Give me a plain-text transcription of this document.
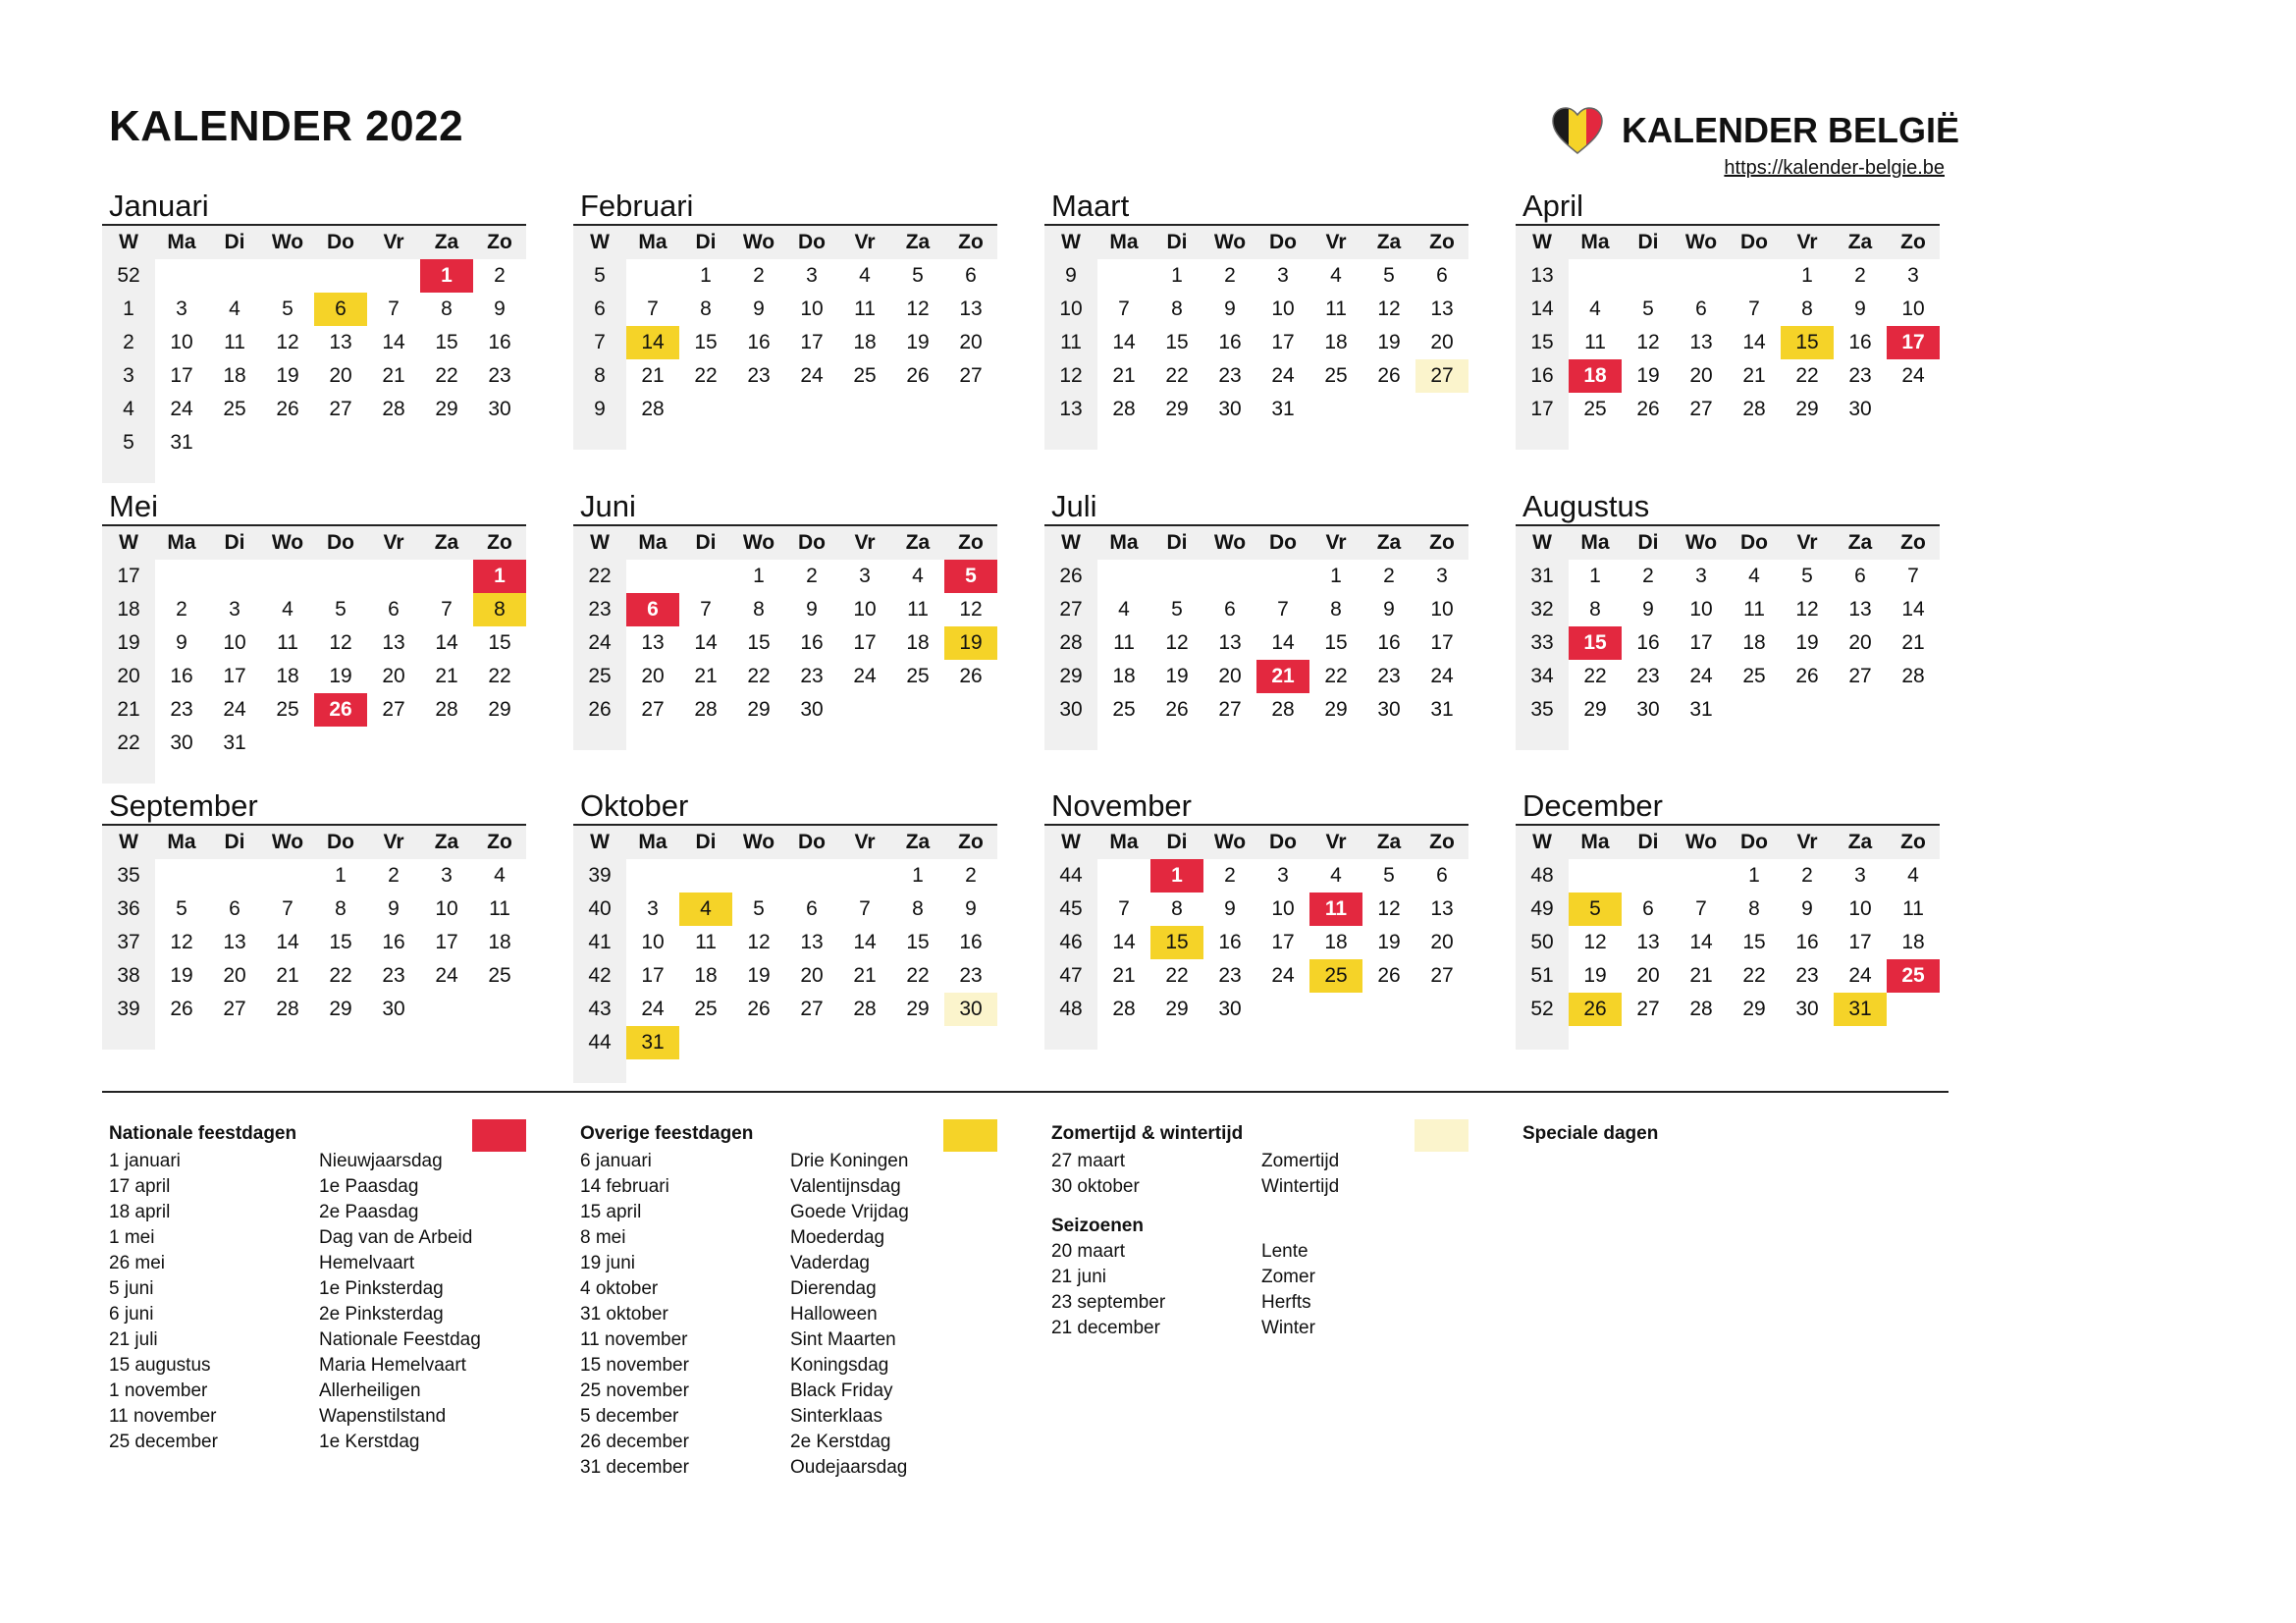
KALENDER 2022	KALENDER BELGIË
https://kalender-belgie.be
Januari
W	Ma	Di	Wo	Do	Vr	Za	Zo
52						1	2
1	3	4	5	6	7	8	9
2	10	11	12	13	14	15	16
3	17	18	19	20	21	22	23
4	24	25	26	27	28	29	30
5	31						

Februari
W	Ma	Di	Wo	Do	Vr	Za	Zo
5		1	2	3	4	5	6
6	7	8	9	10	11	12	13
7	14	15	16	17	18	19	20
8	21	22	23	24	25	26	27
9	28						

Maart
W	Ma	Di	Wo	Do	Vr	Za	Zo
9		1	2	3	4	5	6
10	7	8	9	10	11	12	13
11	14	15	16	17	18	19	20
12	21	22	23	24	25	26	27
13	28	29	30	31			

April
W	Ma	Di	Wo	Do	Vr	Za	Zo
13					1	2	3
14	4	5	6	7	8	9	10
15	11	12	13	14	15	16	17
16	18	19	20	21	22	23	24
17	25	26	27	28	29	30	

Mei
W	Ma	Di	Wo	Do	Vr	Za	Zo
17							1
18	2	3	4	5	6	7	8
19	9	10	11	12	13	14	15
20	16	17	18	19	20	21	22
21	23	24	25	26	27	28	29
22	30	31					

Juni
W	Ma	Di	Wo	Do	Vr	Za	Zo
22			1	2	3	4	5
23	6	7	8	9	10	11	12
24	13	14	15	16	17	18	19
25	20	21	22	23	24	25	26
26	27	28	29	30			

Juli
W	Ma	Di	Wo	Do	Vr	Za	Zo
26					1	2	3
27	4	5	6	7	8	9	10
28	11	12	13	14	15	16	17
29	18	19	20	21	22	23	24
30	25	26	27	28	29	30	31

Augustus
W	Ma	Di	Wo	Do	Vr	Za	Zo
31	1	2	3	4	5	6	7
32	8	9	10	11	12	13	14
33	15	16	17	18	19	20	21
34	22	23	24	25	26	27	28
35	29	30	31				

September
W	Ma	Di	Wo	Do	Vr	Za	Zo
35				1	2	3	4
36	5	6	7	8	9	10	11
37	12	13	14	15	16	17	18
38	19	20	21	22	23	24	25
39	26	27	28	29	30		

Oktober
W	Ma	Di	Wo	Do	Vr	Za	Zo
39						1	2
40	3	4	5	6	7	8	9
41	10	11	12	13	14	15	16
42	17	18	19	20	21	22	23
43	24	25	26	27	28	29	30
44	31						

November
W	Ma	Di	Wo	Do	Vr	Za	Zo
44		1	2	3	4	5	6
45	7	8	9	10	11	12	13
46	14	15	16	17	18	19	20
47	21	22	23	24	25	26	27
48	28	29	30				

December
W	Ma	Di	Wo	Do	Vr	Za	Zo
48				1	2	3	4
49	5	6	7	8	9	10	11
50	12	13	14	15	16	17	18
51	19	20	21	22	23	24	25
52	26	27	28	29	30	31	

Nationale feestdagen
1 januari	Nieuwjaarsdag
17 april	1e Paasdag
18 april	2e Paasdag
1 mei	Dag van de Arbeid
26 mei	Hemelvaart
5 juni	1e Pinksterdag
6 juni	2e Pinksterdag
21 juli	Nationale Feestdag
15 augustus	Maria Hemelvaart
1 november	Allerheiligen
11 november	Wapenstilstand
25 december	1e Kerstdag
Overige feestdagen
6 januari	Drie Koningen
14 februari	Valentijnsdag
15 april	Goede Vrijdag
8 mei	Moederdag
19 juni	Vaderdag
4 oktober	Dierendag
31 oktober	Halloween
11 november	Sint Maarten
15 november	Koningsdag
25 november	Black Friday
5 december	Sinterklaas
26 december	2e Kerstdag
31 december	Oudejaarsdag
Zomertijd & wintertijd
27 maart	Zomertijd
30 oktober	Wintertijd
Seizoenen
20 maart	Lente
21 juni	Zomer
23 september	Herfts
21 december	Winter
Speciale dagen
